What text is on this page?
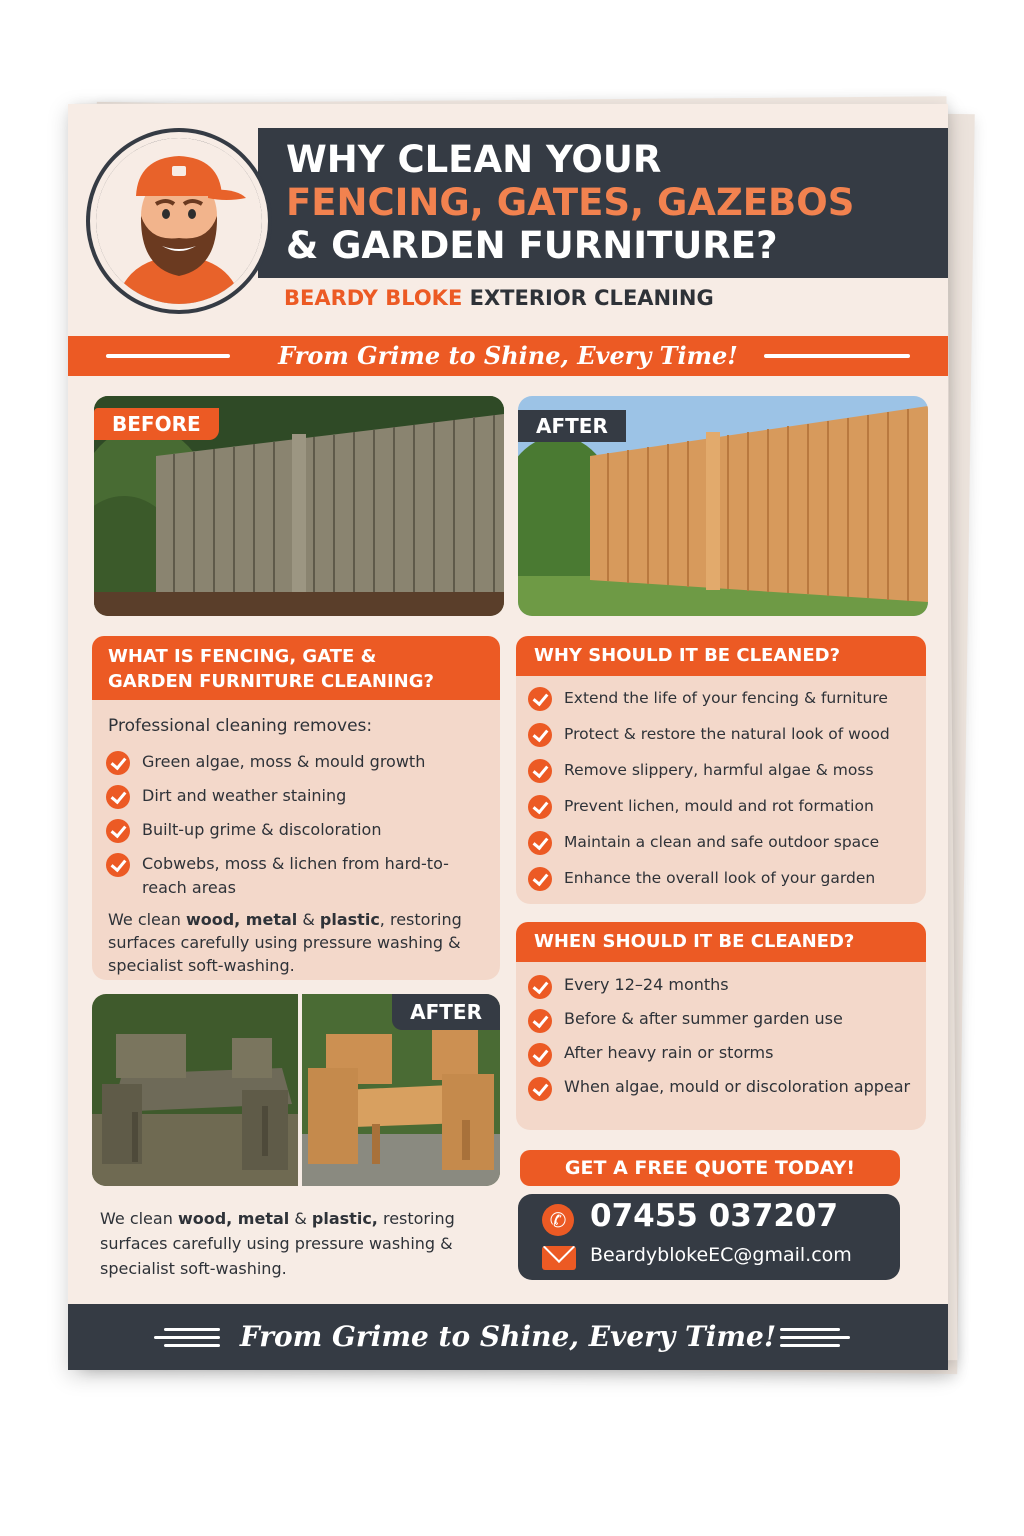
WHY CLEAN YOUR
FENCING, GATES, GAZEBOS
& GARDEN FURNITURE?
BEARDY BLOKE EXTERIOR CLEANING
From Grime to Shine, Every Time!
BEFORE	AFTER
WHAT IS FENCING, GATE &
GARDEN FURNITURE CLEANING?
Professional cleaning removes:
Green algae, moss & mould growth
Dirt and weather staining
Built-up grime & discoloration
Cobwebs, moss & lichen from hard-to-reach areas
We clean wood, metal & plastic, restoring surfaces carefully using pressure washing & specialist soft-washing.
WHY SHOULD IT BE CLEANED?
Extend the life of your fencing & furniture
Protect & restore the natural look of wood
Remove slippery, harmful algae & moss
Prevent lichen, mould and rot formation
Maintain a clean and safe outdoor space
Enhance the overall look of your garden
WHEN SHOULD IT BE CLEANED?
Every 12–24 months
Before & after summer garden use
After heavy rain or storms
When algae, mould or discoloration appear
AFTER
We clean wood, metal & plastic, restoring surfaces carefully using pressure washing & specialist soft-washing.
GET A FREE QUOTE TODAY!
✆ 07455 037207
BeardyblokeEC@gmail.com
From Grime to Shine, Every Time!
